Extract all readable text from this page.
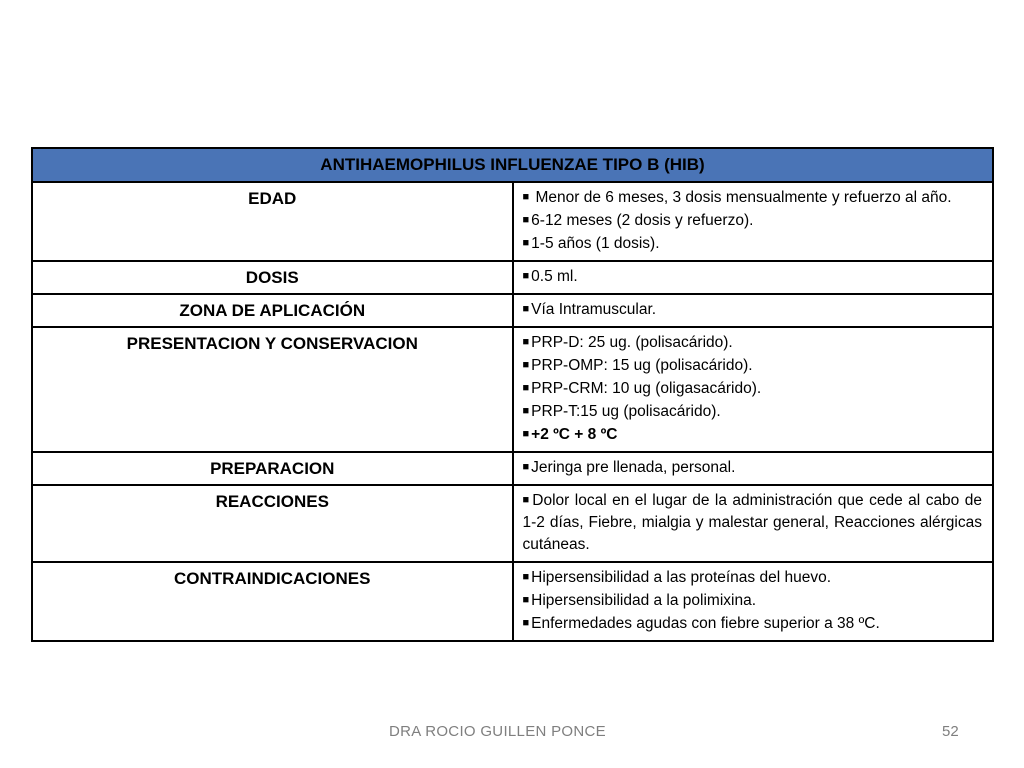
ANTIHAEMOPHILUS INFLUENZAE TIPO B (HIB)	
EDAD	■ Menor de 6 meses, 3 dosis mensualmente y refuerzo al año.
■ 6-12 meses (2 dosis y refuerzo).
■ 1-5 años (1 dosis).

DOSIS	■ 0.5 ml.

ZONA DE APLICACIÓN	■ Vía Intramuscular.

PRESENTACION Y CONSERVACION	■ PRP-D: 25 ug. (polisacárido).
■ PRP-OMP: 15 ug (polisacárido).
■ PRP-CRM: 10 ug (oligasacárido).
■ PRP-T:15 ug (polisacárido).
■ +2 ºC + 8 ºC

PREPARACION	■ Jeringa pre llenada, personal.

REACCIONES	■ Dolor local en el lugar de la administración que cede al cabo de 1-2 días, Fiebre, mialgia y malestar general, Reacciones alérgicas cutáneas.

CONTRAINDICACIONES	■ Hipersensibilidad a las proteínas del huevo.
■ Hipersensibilidad a la polimixina.
■ Enfermedades agudas con fiebre superior a 38 ºC.
DRA ROCIO GUILLEN PONCE	52
